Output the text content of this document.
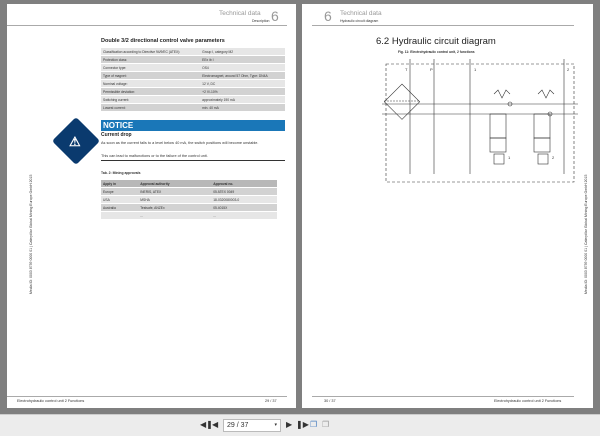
Technical data
Description 6
Double 3/2 directional control valve parameters
Classification according to Directive 94/9/EC (ATEX):	Group I, category M2
Protection class:	EEx ib I
Connector type:	OS4
Type of magnet:	Electromagnet, around 57 Ohm, Type: DN4A
Nominal voltage:	12 V, DC
Permissible deviation:	+2 V/-10%
Switching current:	approximately 190 mA
Lowest current:	min. 40 mA
⚠
NOTICE
Current drop
As soon as the current falls to a level below 40 mA, the switch positions will become unstable.
This can lead to malfunctions or to the failure of the control unit.
Tab. 2: Mining approvals
Apply in	Approval authority	Approval no.
Europe	INERIS, ATEX	05 ATEX 0049
USA	MSHA	18-0320080003-0
Australia	Testsafe, ANZEx	05.4015X
	...	...
Media ID: 0003 8759 0000 01 | Caterpillar Global Mining Europe GmbH 2015
Electrohydraulic control unit 2 Functions	29 / 37
6 Technical data
Hydraulic circuit diagram
6.2 Hydraulic circuit diagram
Fig. 11: Electrohydraulic control unit, 2 functions
T	P	1	2
1	2
Media ID: 0003 8759 0000 01 | Caterpillar Global Mining Europe GmbH 2015
30 / 37	Electrohydraulic control unit 2 Functions
◀❚ ◀	29 / 37	▾ ▶ ❚▶ ❐ ❐
